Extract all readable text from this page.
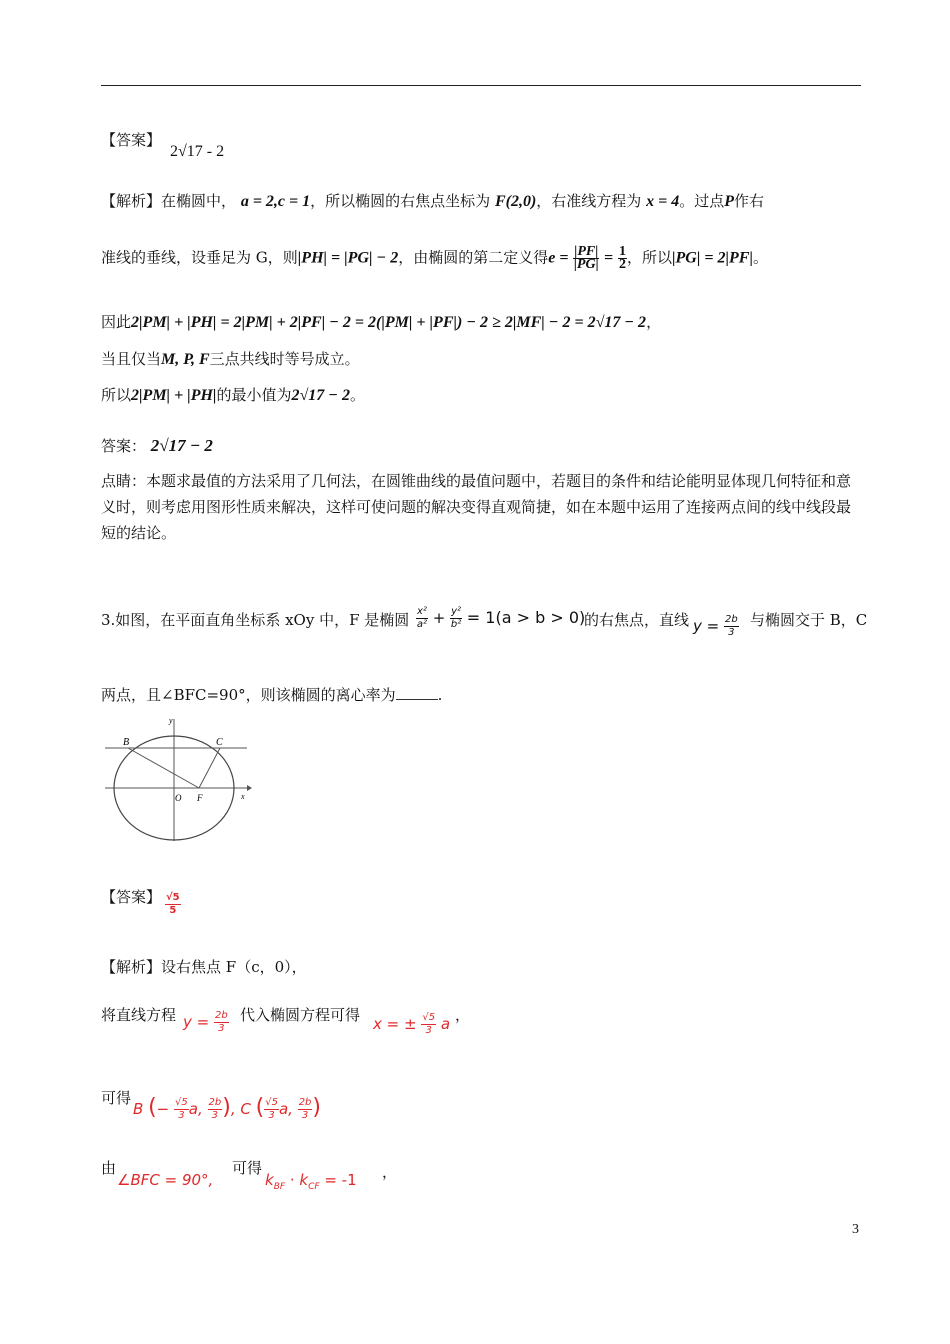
【答案】
2√17 - 2
【解析】在椭圆中， a = 2,c = 1，所以椭圆的右焦点坐标为 F(2,0)，右准线方程为 x = 4。过点P作右
准线的垂线，设垂足为 G，则|PH| = |PG| − 2，由椭圆的第二定义得$e = \frac{|PF|}{|PG|} = \frac{1}{2}$ ，所以|PG| = 2|PF|。
因此2|PM| + |PH| = 2|PM| + 2|PF| − 2 = 2(|PM| + |PF|) − 2 ≥ 2|MF| − 2 = 2√17 − 2，
当且仅当M, P, F三点共线时等号成立。
所以2|PM| + |PH|的最小值为2√17 − 2。
答案： 2√17 − 2
点睛：本题求最值的方法采用了几何法，在圆锥曲线的最值问题中，若题目的条件和结论能明显体现几何特征和意义时，则考虑用图形性质来解决，这样可使问题的解决变得直观简捷，如在本题中运用了连接两点间的线中线段最短的结论。
3.如图，在平面直角坐标系 xOy 中，F 是椭圆 $\frac{\text{x²}}{\text{a²}} + \frac{\text{y²}}{\text{b²}} = 1(a > b > 0)$
的右焦点，直线 $y = \frac{2b}{3}$ 与椭圆交于 B，C
两点，且∠BFC=90°，则该椭圆的离心率为	.
B	C
O F	x
y
【答案】 $\frac{√5}{5}$
【解析】设右焦点 F（c，0），
将直线方程 $y = \frac{2b}{3}$ 代入椭圆方程可得 x = ± $\frac{√5}{3}$ a ，
可得
B (− $\frac{√5}{3} a$, $\frac{2b}{3}$ ), C ( $\frac{√5}{3} a$, $\frac{2b}{3}$ )
由
∠BFC = 90°,
可得
$k_{BF} \cdot k_{CF} = -1$ ，
3
